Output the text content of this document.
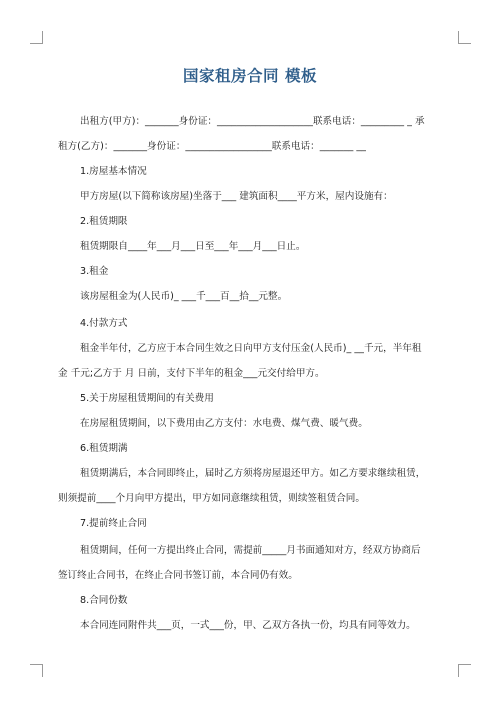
国家租房合同 模板
出租方(甲方)：_______身份证：____________________联系电话：_________ _ 承
租方(乙方)：_______身份证：__________________联系电话：_______ __
1.房屋基本情况
甲方房屋(以下简称该房屋)坐落于___ 建筑面积____平方米，屋内设施有：
2.租赁期限
租赁期限自____年___月___日至___年___月___日止。
3.租金
该房屋租金为(人民币)_ ___千___百__拾__元整。
4.付款方式
租金半年付，乙方应于本合同生效之日向甲方支付压金(人民币)_ __千元，半年租
金 千元;乙方于 月 日前，支付下半年的租金___元交付给甲方。
5.关于房屋租赁期间的有关费用
在房屋租赁期间，以下费用由乙方支付：水电费、煤气费、暖气费。
6.租赁期满
租赁期满后，本合同即终止，届时乙方须将房屋退还甲方。如乙方要求继续租赁，
则须提前____个月向甲方提出，甲方如同意继续租赁，则续签租赁合同。
7.提前终止合同
租赁期间，任何一方提出终止合同，需提前_____月书面通知对方，经双方协商后
签订终止合同书，在终止合同书签订前，本合同仍有效。
8.合同份数
本合同连同附件共___页，一式___份，甲、乙双方各执一份，均具有同等效力。
